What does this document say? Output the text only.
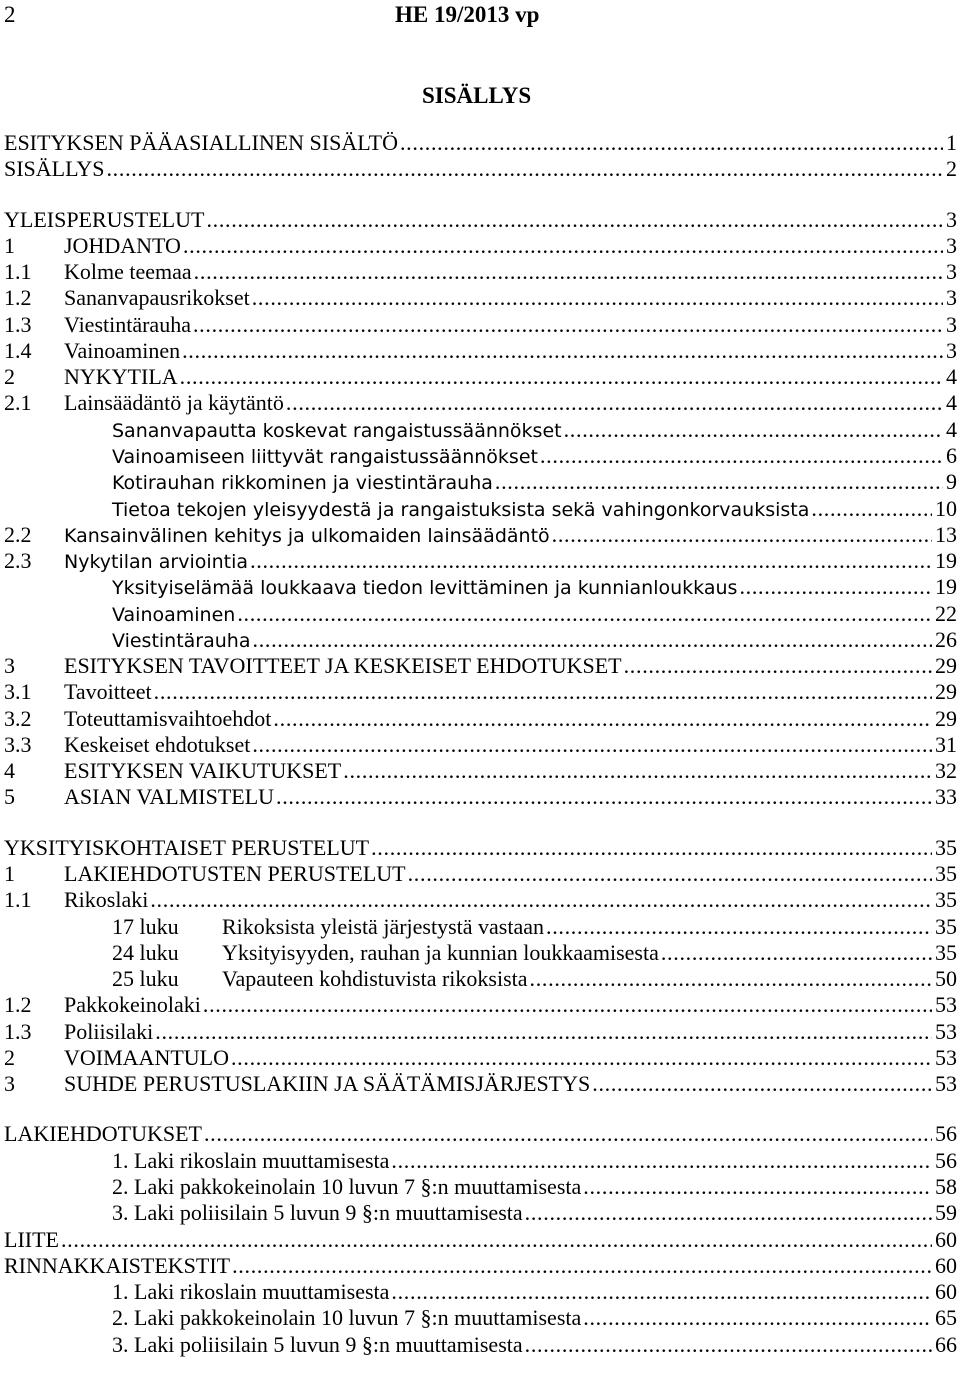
2	HE 19/2013 vp
SISÄLLYS
ESITYKSEN PÄÄASIALLINEN SISÄLTÖ . . .	1
SISÄLLYS . . .	2
YLEISPERUSTELUT . . .	3
1	JOHDANTO . . .	3
1.1	Kolme teemaa . . .	3
1.2	Sananvapausrikokset . . .	3
1.3	Viestintärauha . . .	3
1.4	Vainoaminen . . .	3
2	NYKYTILA . . .	4
2.1	Lainsäädäntö ja käytäntö . . .	4
Sananvapautta koskevat rangaistussäännökset . . .	4
Vainoamiseen liittyvät rangaistussäännökset . . .	6
Kotirauhan rikkominen ja viestintärauha . . .	9
Tietoa tekojen yleisyydestä ja rangaistuksista sekä vahingonkorvauksista . . .	10
2.2	Kansainvälinen kehitys ja ulkomaiden lainsäädäntö . . .	13
2.3	Nykytilan arviointia . . .	19
Yksityiselämää loukkaava tiedon levittäminen ja kunnianloukkaus . . .	19
Vainoaminen . . .	22
Viestintärauha . . .	26
3	ESITYKSEN TAVOITTEET JA KESKEISET EHDOTUKSET . . .	29
3.1	Tavoitteet . . .	29
3.2	Toteuttamisvaihtoehdot . . .	29
3.3	Keskeiset ehdotukset . . .	31
4	ESITYKSEN VAIKUTUKSET . . .	32
5	ASIAN VALMISTELU . . .	33
YKSITYISKOHTAISET PERUSTELUT . . .	35
1	LAKIEHDOTUSTEN PERUSTELUT . . .	35
1.1	Rikoslaki . . .	35
17 luku	Rikoksista yleistä järjestystä vastaan . . .	35
24 luku	Yksityisyyden, rauhan ja kunnian loukkaamisesta . . .	35
25 luku	Vapauteen kohdistuvista rikoksista . . .	50
1.2	Pakkokeinolaki . . .	53
1.3	Poliisilaki . . .	53
2	VOIMAANTULO . . .	53
3	SUHDE PERUSTUSLAKIIN JA SÄÄTÄMISJÄRJESTYS . . .	53
LAKIEHDOTUKSET . . .	56
1. Laki rikoslain muuttamisesta . . .	56
2. Laki pakkokeinolain 10 luvun 7 §:n muuttamisesta . . .	58
3. Laki poliisilain 5 luvun 9 §:n muuttamisesta . . .	59
LIITE . . .	60
RINNAKKAISTEKSTIT . . .	60
1. Laki rikoslain muuttamisesta . . .	60
2. Laki pakkokeinolain 10 luvun 7 §:n muuttamisesta . . .	65
3. Laki poliisilain 5 luvun 9 §:n muuttamisesta . . .	66
